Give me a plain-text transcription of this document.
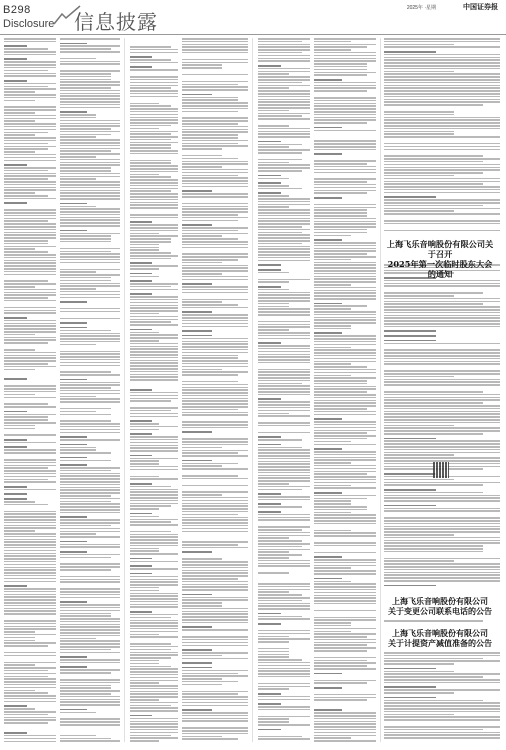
B298
Disclosure 信息披露
2025年 ·星期	中国证券报
上海飞乐音响股份有限公司关于召开
2025年第一次临时股东大会的通知
上海飞乐音响股份有限公司
关于变更公司联系电话的公告
上海飞乐音响股份有限公司
关于计提资产减值准备的公告
